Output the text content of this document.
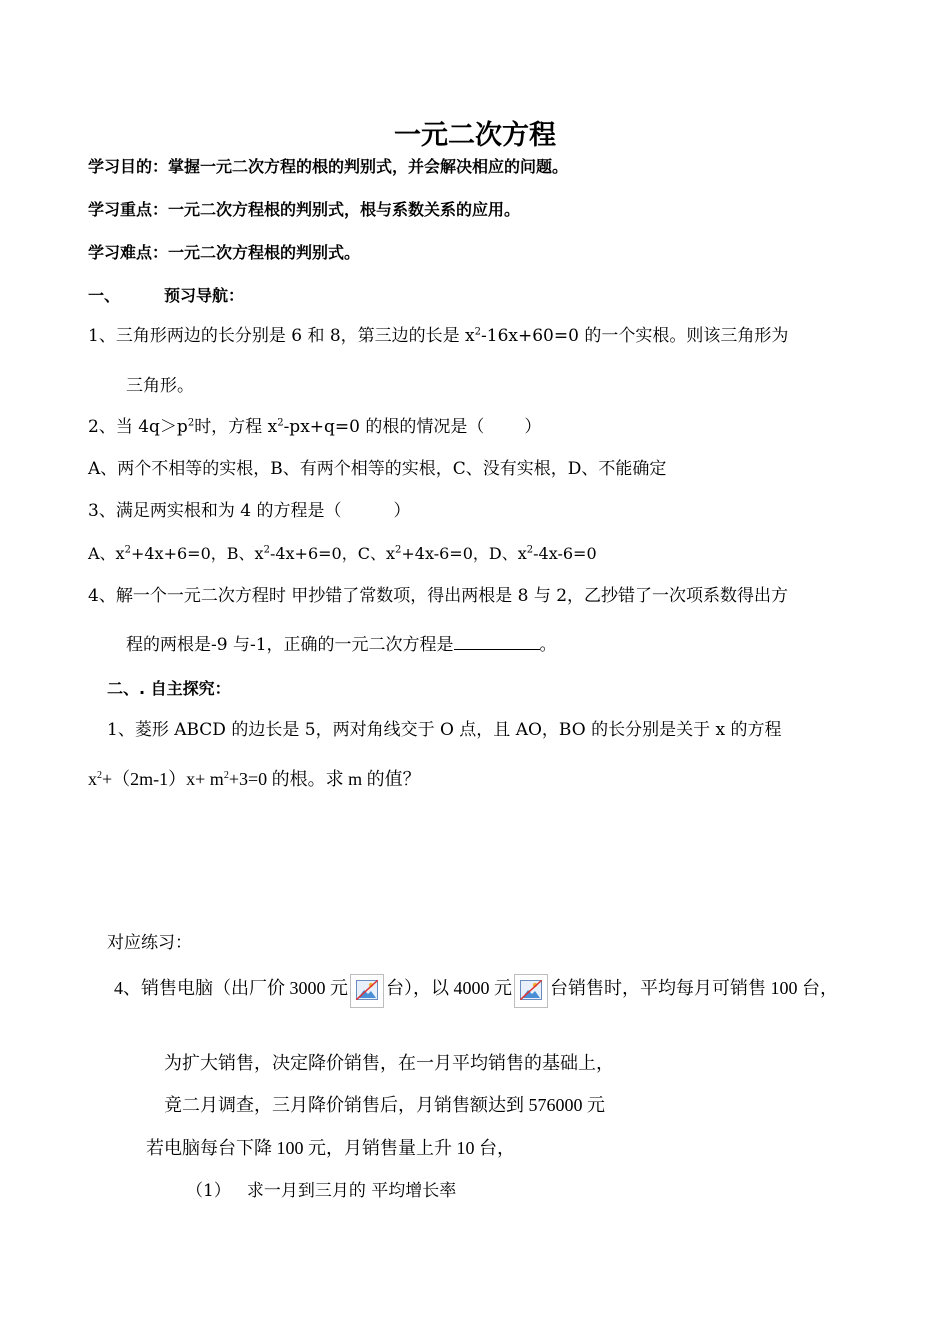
一元二次方程
学习目的：掌握一元二次方程的根的判别式，并会解决相应的问题。
学习重点：一元二次方程根的判别式，根与系数关系的应用。
学习难点：一元二次方程根的判别式。
一、	预习导航：
1、三角形两边的长分别是 6 和 8，第三边的长是 $x^2-16x+60=0$ 的一个实根。则该三角形为
三角形。
2、当 $4q>p^2$时，方程 $x^2-px+q=0$ 的根的情况是（ ）
A、两个不相等的实根，B、有两个相等的实根，C、没有实根，D、不能确定
3、满足两实根和为 4 的方程是（	）
A、$x^2+4x+6=0$，B、$x^2-4x+6=0$，C、$x^2+4x-6=0$，D、$x^2-4x-6=0$
4、解一个一元二次方程时 甲抄错了常数项，得出两根是 8 与 2，乙抄错了一次项系数得出方
程的两根是-9 与-1，正确的一元二次方程是	。
二、. 自主探究：
1、菱形 ABCD 的边长是 5，两对角线交于 O 点，且 AO，BO 的长分别是关于 x 的方程
$x^2+(2m-1)x+ m^2+3=0$ 的根。求 m 的值？
对应练习：
4、销售电脑（出厂价 3000 元 台），以 4000 元 台销售时，平均每月可销售 100 台，
为扩大销售，决定降价销售，在一月平均销售的基础上，
竟二月调查，三月降价销售后，月销售额达到 576000 元
若电脑每台下降 100 元，月销售量上升 10 台，
（1） 求一月到三月的 平均增长率
